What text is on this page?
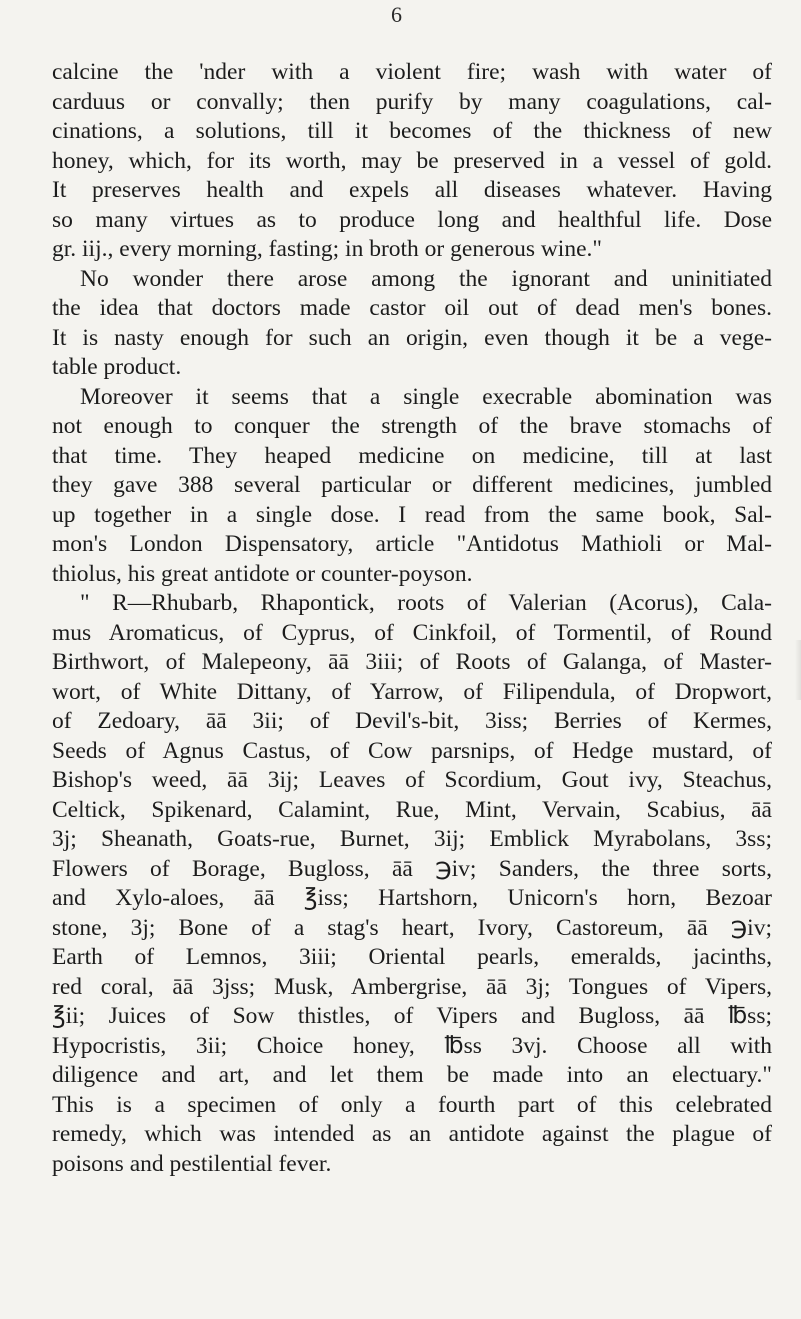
6
calcine the 'nder with a violent fire; wash with water of
carduus or convally; then purify by many coagulations, cal-
cinations, a solutions, till it becomes of the thickness of new
honey, which, for its worth, may be preserved in a vessel of gold.
It preserves health and expels all diseases whatever. Having
so many virtues as to produce long and healthful life. Dose
gr. iij., every morning, fasting; in broth or generous wine."
No wonder there arose among the ignorant and uninitiated
the idea that doctors made castor oil out of dead men's bones.
It is nasty enough for such an origin, even though it be a vege-
table product.
Moreover it seems that a single execrable abomination was
not enough to conquer the strength of the brave stomachs of
that time. They heaped medicine on medicine, till at last
they gave 388 several particular or different medicines, jumbled
up together in a single dose. I read from the same book, Sal-
mon's London Dispensatory, article "Antidotus Mathioli or Mal-
thiolus, his great antidote or counter-poyson.
" R—Rhubarb, Rhapontick, roots of Valerian (Acorus), Cala-
mus Aromaticus, of Cyprus, of Cinkfoil, of Tormentil, of Round
Birthwort, of Malepeony, āā 3iii; of Roots of Galanga, of Master-
wort, of White Dittany, of Yarrow, of Filipendula, of Dropwort,
of Zedoary, āā 3ii; of Devil's-bit, 3iss; Berries of Kermes,
Seeds of Agnus Castus, of Cow parsnips, of Hedge mustard, of
Bishop's weed, āā 3ij; Leaves of Scordium, Gout ivy, Steachus,
Celtick, Spikenard, Calamint, Rue, Mint, Vervain, Scabius, āā
3j; Sheanath, Goats-rue, Burnet, 3ij; Emblick Myrabolans, 3ss;
Flowers of Borage, Bugloss, āā ℈iv; Sanders, the three sorts,
and Xylo-aloes, āā ℥iss; Hartshorn, Unicorn's horn, Bezoar
stone, 3j; Bone of a stag's heart, Ivory, Castoreum, āā ℈iv;
Earth of Lemnos, 3iii; Oriental pearls, emeralds, jacinths,
red coral, āā 3jss; Musk, Ambergrise, āā 3j; Tongues of Vipers,
℥ii; Juices of Sow thistles, of Vipers and Bugloss, āā ℔ss;
Hypocristis, 3ii; Choice honey, ℔ss 3vj. Choose all with
diligence and art, and let them be made into an electuary."
This is a specimen of only a fourth part of this celebrated
remedy, which was intended as an antidote against the plague of
poisons and pestilential fever.
